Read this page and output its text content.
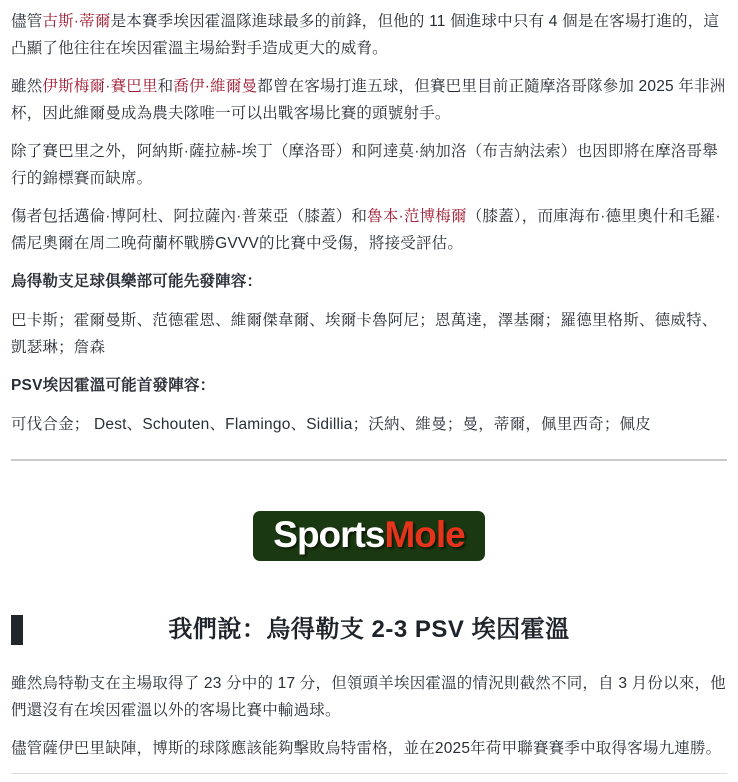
儘管古斯·蒂爾是本賽季埃因霍溫隊進球最多的前鋒，但他的 11 個進球中只有 4 個是在客場打進的，這凸顯了他往往在埃因霍溫主場給對手造成更大的威脅。

雖然伊斯梅爾·賽巴里和喬伊·維爾曼都曾在客場打進五球，但賽巴里目前正隨摩洛哥隊參加 2025 年非洲杯，因此維爾曼成為農夫隊唯一可以出戰客場比賽的頭號射手。

除了賽巴里之外，阿納斯·薩拉赫-埃丁（摩洛哥）和阿達莫·納加洛（布吉納法索）也因即將在摩洛哥舉行的錦標賽而缺席。

傷者包括邁倫·博阿杜、阿拉薩內·普萊亞（膝蓋）和魯本·范博梅爾（膝蓋），而庫海布·德里奧什和毛羅·儒尼奧爾在周二晚荷蘭杯戰勝GVVV的比賽中受傷，將接受評估。

烏得勒支足球俱樂部可能先發陣容：

巴卡斯；霍爾曼斯、范德霍恩、維爾傑韋爾、埃爾卡魯阿尼；恩萬達，澤基爾；羅德里格斯、德威特、凱瑟琳；詹森

PSV埃因霍溫可能首發陣容：

可伐合金； Dest、Schouten、Flamingo、Sidillia；沃納、維曼；曼，蒂爾，佩里西奇；佩皮

SportsMole
我們說：烏得勒支 2-3 PSV 埃因霍溫

雖然烏特勒支在主場取得了 23 分中的 17 分，但領頭羊埃因霍溫的情況則截然不同，自 3 月份以來，他們還沒有在埃因霍溫以外的客場比賽中輸過球。

儘管薩伊巴里缺陣，博斯的球隊應該能夠擊敗烏特雷格，並在2025年荷甲聯賽賽季中取得客場九連勝。
